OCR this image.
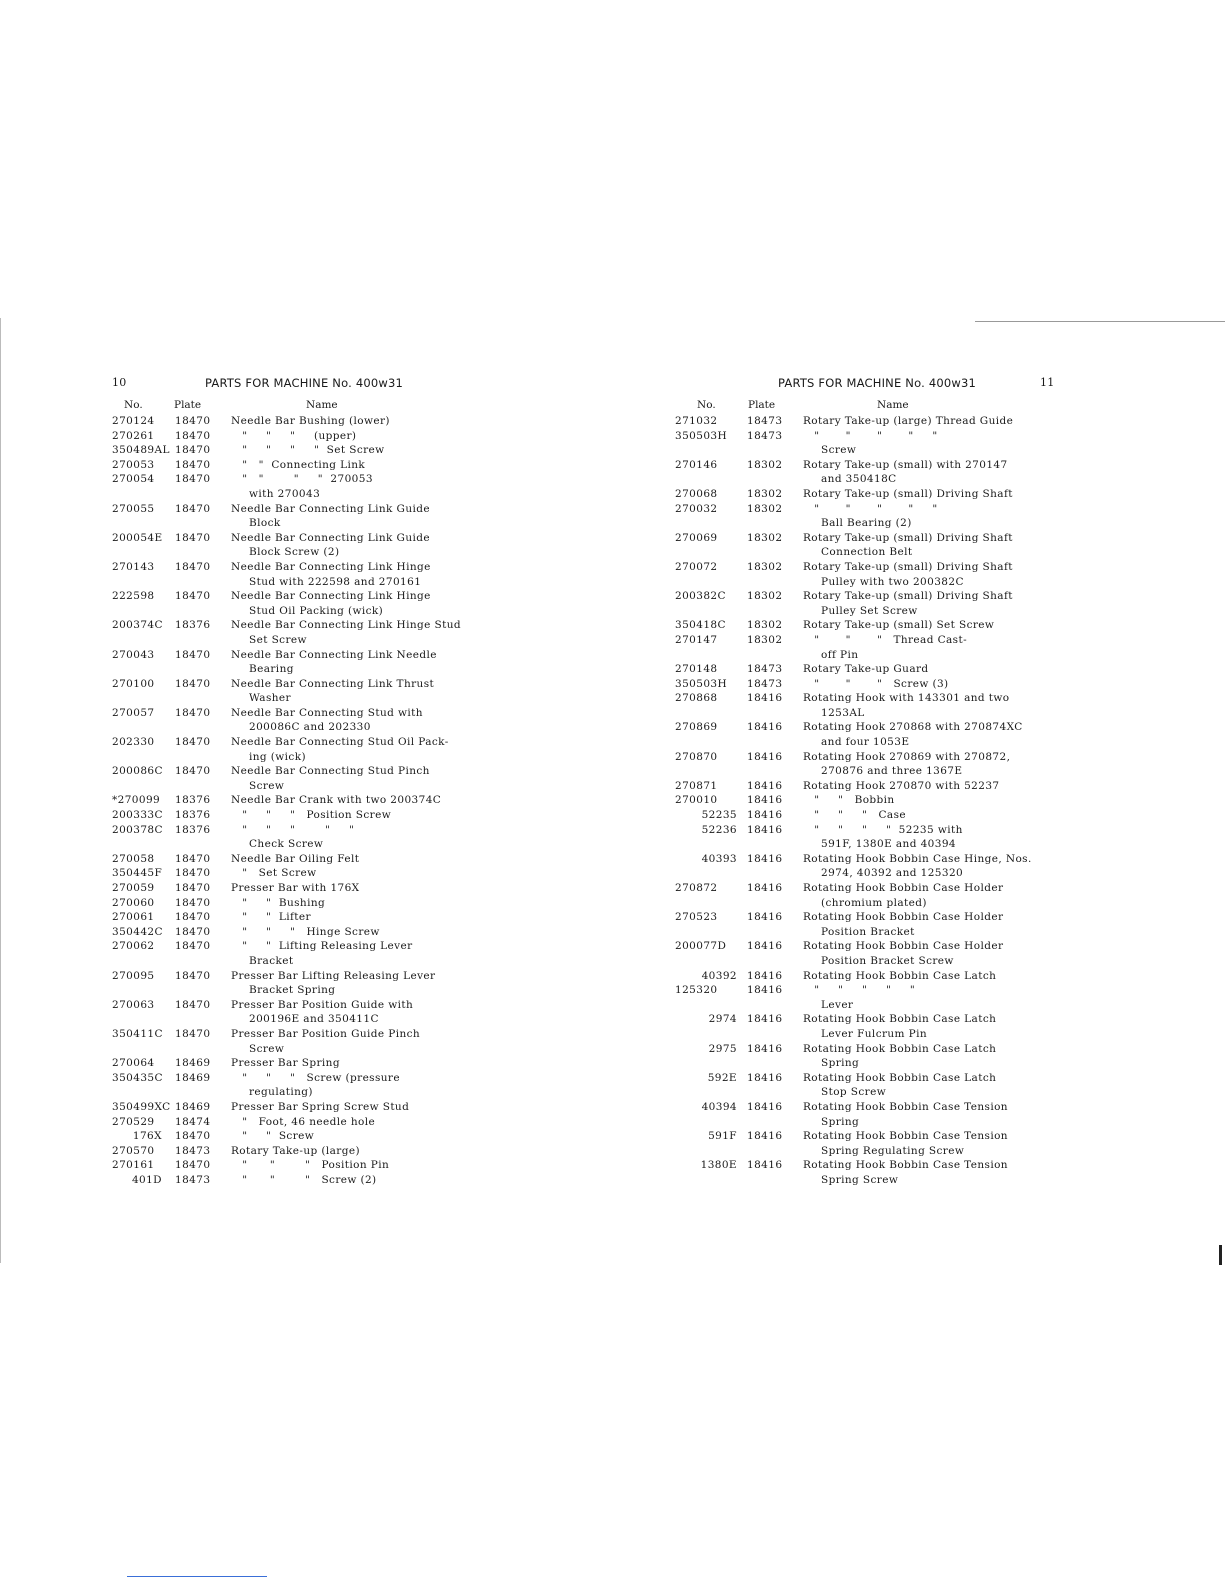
10	PARTS FOR MACHINE No. 400w31
No.	Plate	Name
270124	18470 Needle Bar Bushing (lower)
270261	18470 "     "     "     (upper)
350489AL 18470 "     "     "     "  Set Screw
270053	18470 "   "  Connecting Link
270054	18470 "   "        "     "  270053
with 270043
270055	18470 Needle Bar Connecting Link Guide
Block
200054E	18470 Needle Bar Connecting Link Guide
Block Screw (2)
270143	18470 Needle Bar Connecting Link Hinge
Stud with 222598 and 270161
222598	18470 Needle Bar Connecting Link Hinge
Stud Oil Packing (wick)
200374C	18376 Needle Bar Connecting Link Hinge Stud
Set Screw
270043	18470 Needle Bar Connecting Link Needle
Bearing
270100	18470 Needle Bar Connecting Link Thrust
Washer
270057	18470 Needle Bar Connecting Stud with
200086C and 202330
202330	18470 Needle Bar Connecting Stud Oil Pack-
ing (wick)
200086C	18470 Needle Bar Connecting Stud Pinch
Screw
*270099	18376 Needle Bar Crank with two 200374C
200333C	18376 "     "     "   Position Screw
200378C	18376 "     "     "        "     "
Check Screw
270058	18470 Needle Bar Oiling Felt
350445F	18470 "   Set Screw
270059	18470 Presser Bar with 176X
270060	18470 "     "  Bushing
270061	18470 "     "  Lifter
350442C	18470 "     "     "   Hinge Screw
270062	18470 "     "  Lifting Releasing Lever
Bracket
270095	18470 Presser Bar Lifting Releasing Lever
Bracket Spring
270063	18470 Presser Bar Position Guide with
200196E and 350411C
350411C	18470 Presser Bar Position Guide Pinch
Screw
270064	18469 Presser Bar Spring
350435C	18469 "     "     "   Screw (pressure
regulating)
350499XC 18469 Presser Bar Spring Screw Stud
270529	18474 "   Foot, 46 needle hole
176X 18470 "     "  Screw
270570	18473 Rotary Take-up (large)
270161	18470 "      "        "   Position Pin
401D 18473 "      "        "   Screw (2)
PARTS FOR MACHINE No. 400w31	11
No.	Plate	Name
271032	18473 Rotary Take-up (large) Thread Guide
350503H	18473 "       "       "       "     "
Screw
270146	18302 Rotary Take-up (small) with 270147
and 350418C
270068	18302 Rotary Take-up (small) Driving Shaft
270032	18302 "       "       "       "     "
Ball Bearing (2)
270069	18302 Rotary Take-up (small) Driving Shaft
Connection Belt
270072	18302 Rotary Take-up (small) Driving Shaft
Pulley with two 200382C
200382C	18302 Rotary Take-up (small) Driving Shaft
Pulley Set Screw
350418C	18302 Rotary Take-up (small) Set Screw
270147	18302 "       "       "   Thread Cast-
off Pin
270148	18473 Rotary Take-up Guard
350503H	18473 "       "       "   Screw (3)
270868	18416 Rotating Hook with 143301 and two
1253AL
270869	18416 Rotating Hook 270868 with 270874XC
and four 1053E
270870	18416 Rotating Hook 270869 with 270872,
270876 and three 1367E
270871	18416 Rotating Hook 270870 with 52237
270010	18416 "     "   Bobbin
52235 18416 "     "     "   Case
52236 18416 "     "     "     "  52235 with
591F, 1380E and 40394
40393 18416 Rotating Hook Bobbin Case Hinge, Nos.
2974, 40392 and 125320
270872	18416 Rotating Hook Bobbin Case Holder
(chromium plated)
270523	18416 Rotating Hook Bobbin Case Holder
Position Bracket
200077D	18416 Rotating Hook Bobbin Case Holder
Position Bracket Screw
40392 18416 Rotating Hook Bobbin Case Latch
125320	18416 "     "     "     "     "
Lever
2974 18416 Rotating Hook Bobbin Case Latch
Lever Fulcrum Pin
2975 18416 Rotating Hook Bobbin Case Latch
Spring
592E 18416 Rotating Hook Bobbin Case Latch
Stop Screw
40394 18416 Rotating Hook Bobbin Case Tension
Spring
591F 18416 Rotating Hook Bobbin Case Tension
Spring Regulating Screw
1380E 18416 Rotating Hook Bobbin Case Tension
Spring Screw
